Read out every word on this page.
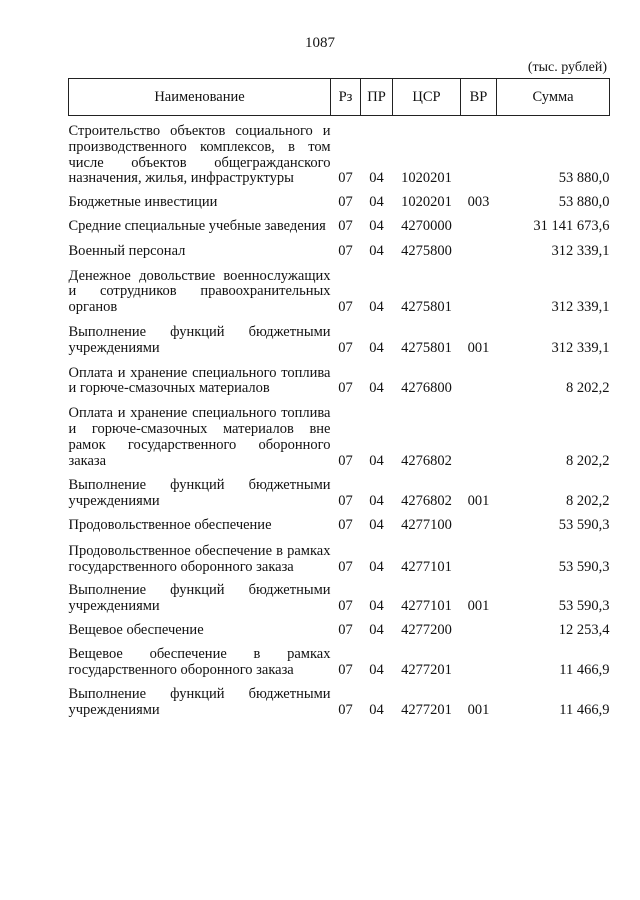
1087
(тыс. рублей)
Наименование	Рз	ПР	ЦСР	ВР	Сумма
Строительство объектов социального и производственного комплексов, в том числе объектов общегражданского назначения, жилья, инфраструктуры	07	04	1020201		53 880,0
Бюджетные инвестиции	07	04	1020201	003	53 880,0
Средние специальные учебные заведения	07	04	4270000		31 141 673,6
Военный персонал	07	04	4275800		312 339,1
Денежное довольствие военнослужащих и сотрудников правоохранительных органов	07	04	4275801		312 339,1
Выполнение функций бюджетными учреждениями	07	04	4275801	001	312 339,1
Оплата и хранение специального топлива и горюче-смазочных материалов	07	04	4276800		8 202,2
Оплата и хранение специального топлива и горюче-смазочных материалов вне рамок государственного оборонного заказа	07	04	4276802		8 202,2
Выполнение функций бюджетными учреждениями	07	04	4276802	001	8 202,2
Продовольственное обеспечение	07	04	4277100		53 590,3
Продовольственное обеспечение в рамках государственного оборонного заказа	07	04	4277101		53 590,3
Выполнение функций бюджетными учреждениями	07	04	4277101	001	53 590,3
Вещевое обеспечение	07	04	4277200		12 253,4
Вещевое обеспечение в рамках государственного оборонного заказа	07	04	4277201		11 466,9
Выполнение функций бюджетными учреждениями	07	04	4277201	001	11 466,9
